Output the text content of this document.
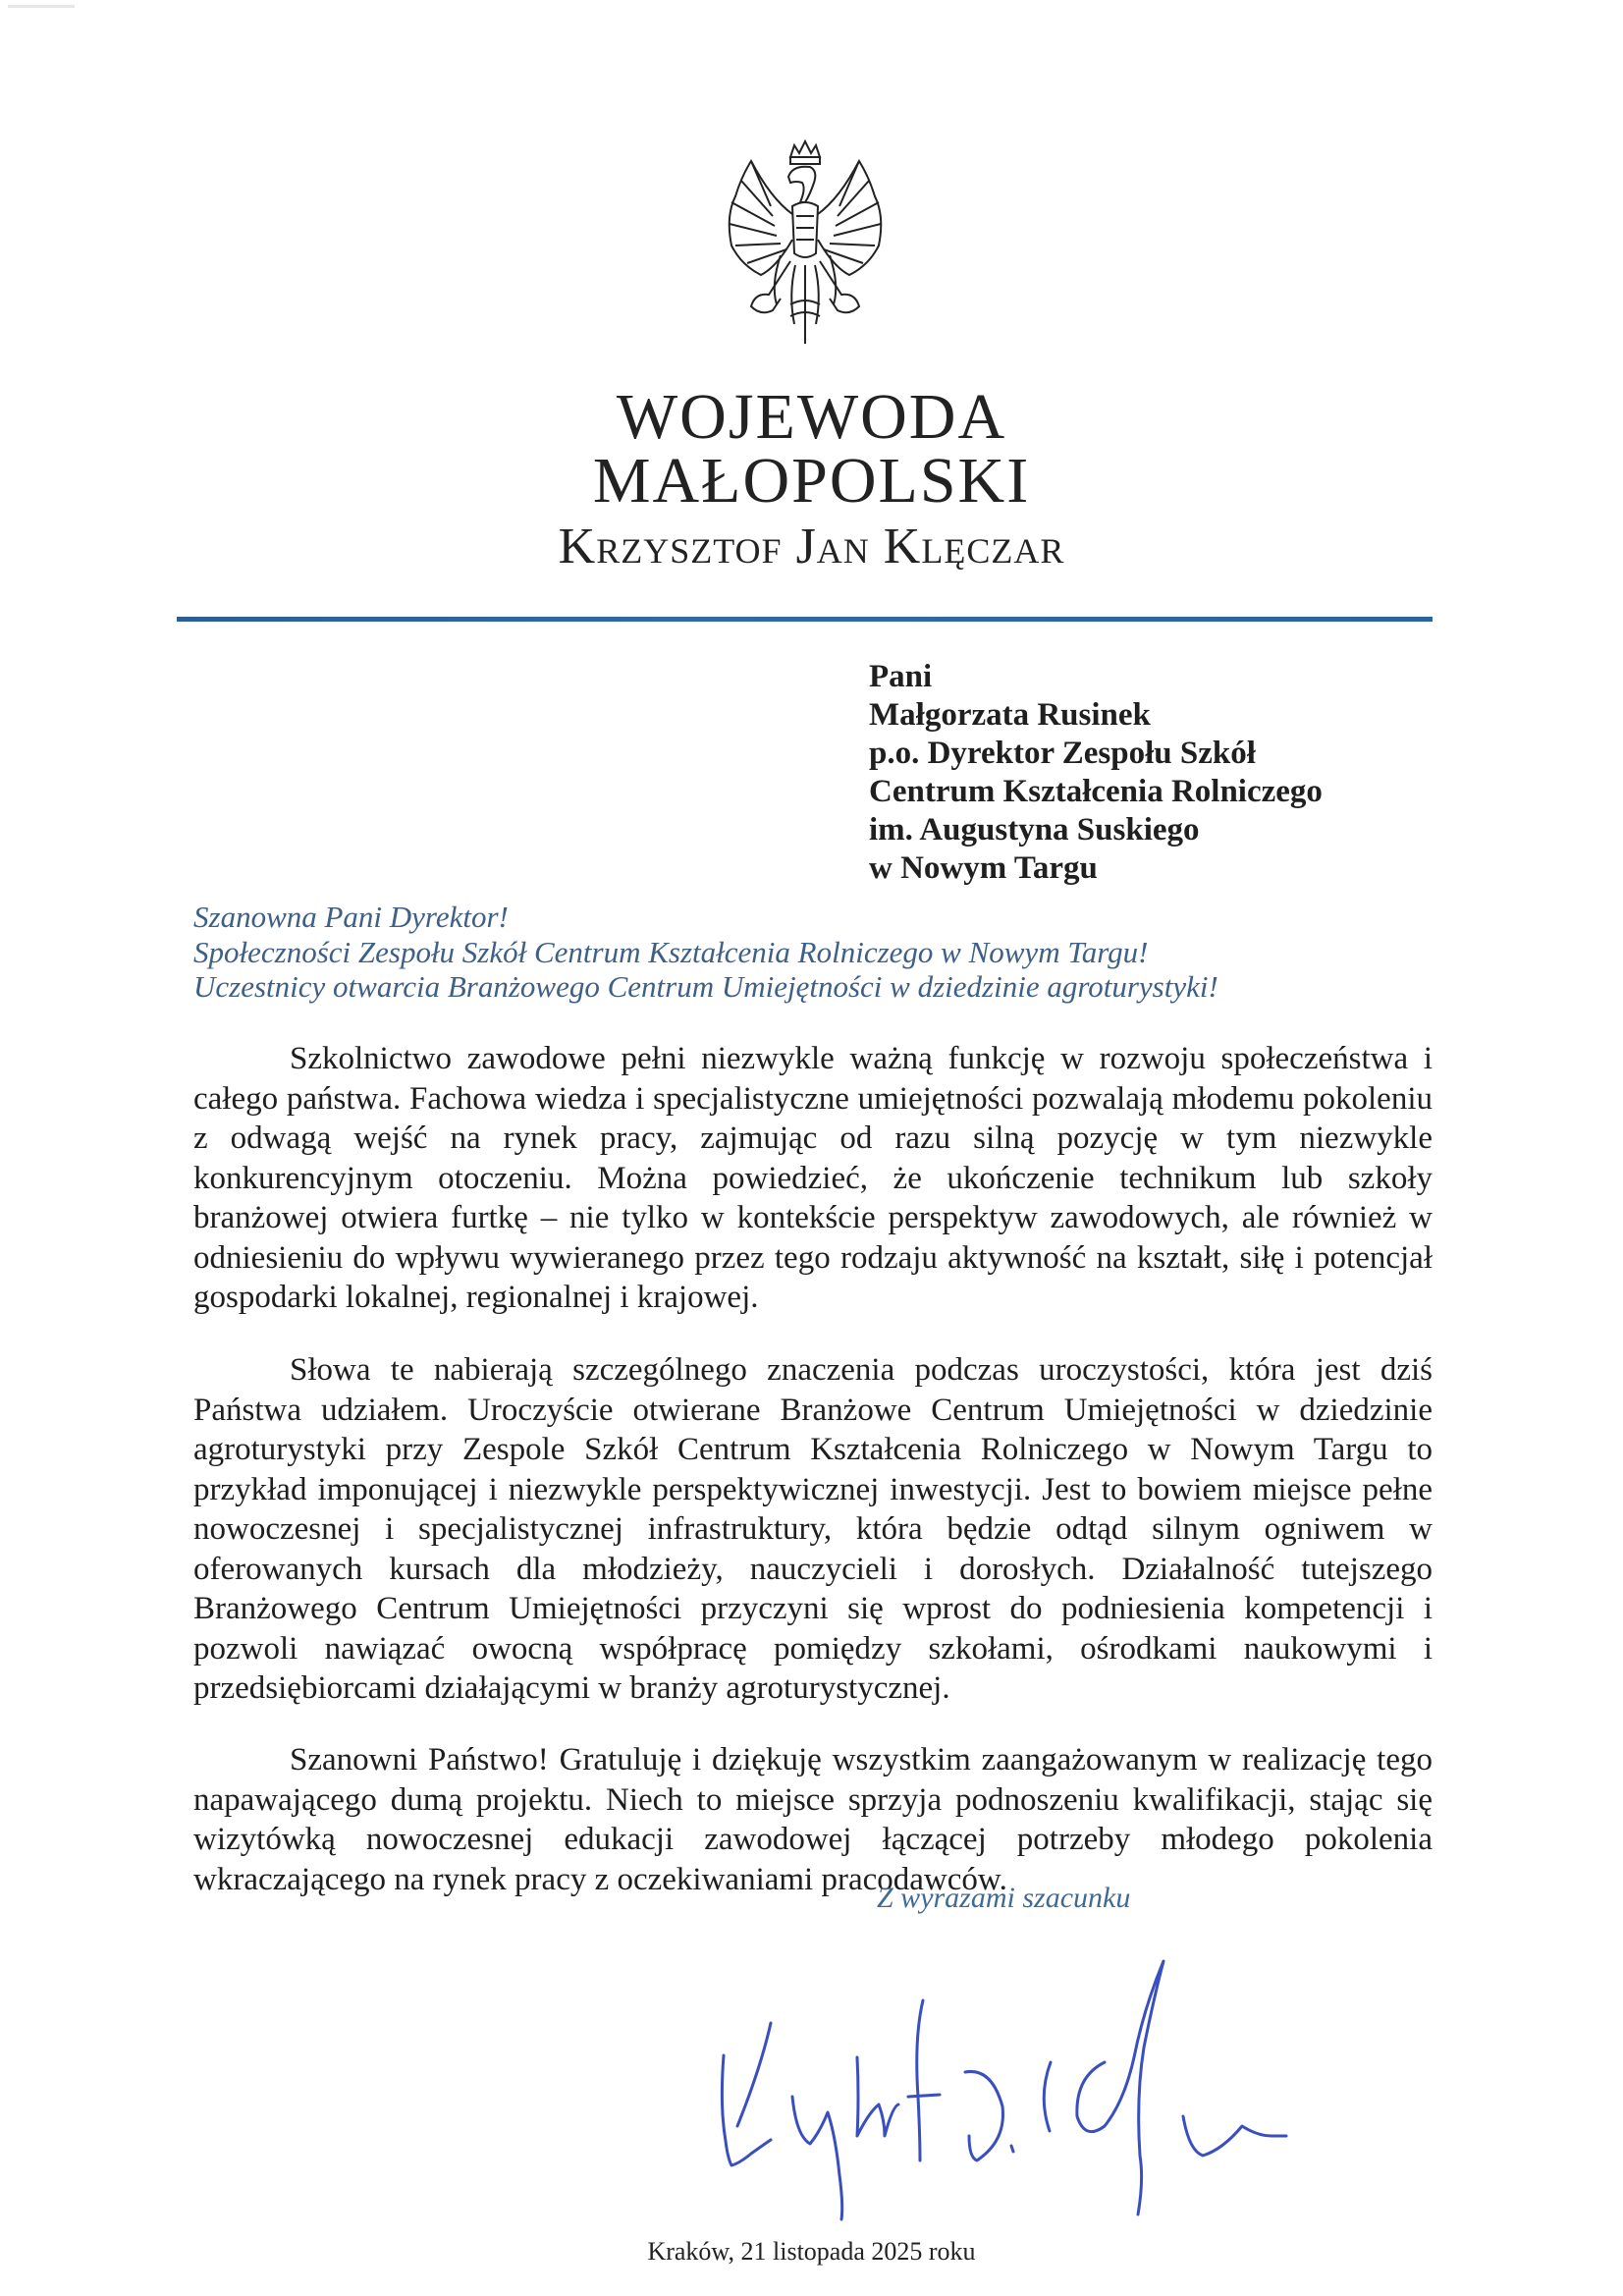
WOJEWODA
MAŁOPOLSKI
Krzysztof Jan Klęczar
Pani
Małgorzata Rusinek
p.o. Dyrektor Zespołu Szkół
Centrum Kształcenia Rolniczego
im. Augustyna Suskiego
w Nowym Targu
Szanowna Pani Dyrektor!
Społeczności Zespołu Szkół Centrum Kształcenia Rolniczego w Nowym Targu!
Uczestnicy otwarcia Branżowego Centrum Umiejętności w dziedzinie agroturystyki!
Szkolnictwo zawodowe pełni niezwykle ważną funkcję w rozwoju społeczeństwa i całego państwa. Fachowa wiedza i specjalistyczne umiejętności pozwalają młodemu pokoleniu z odwagą wejść na rynek pracy, zajmując od razu silną pozycję w tym niezwykle konkurencyjnym otoczeniu. Można powiedzieć, że ukończenie technikum lub szkoły branżowej otwiera furtkę – nie tylko w kontekście perspektyw zawodowych, ale również w odniesieniu do wpływu wywieranego przez tego rodzaju aktywność na kształt, siłę i potencjał gospodarki lokalnej, regionalnej i krajowej.
Słowa te nabierają szczególnego znaczenia podczas uroczystości, która jest dziś Państwa udziałem. Uroczyście otwierane Branżowe Centrum Umiejętności w dziedzinie agroturystyki przy Zespole Szkół Centrum Kształcenia Rolniczego w Nowym Targu to przykład imponującej i niezwykle perspektywicznej inwestycji. Jest to bowiem miejsce pełne nowoczesnej i specjalistycznej infrastruktury, która będzie odtąd silnym ogniwem w oferowanych kursach dla młodzieży, nauczycieli i dorosłych. Działalność tutejszego Branżowego Centrum Umiejętności przyczyni się wprost do podniesienia kompetencji i pozwoli nawiązać owocną współpracę pomiędzy szkołami, ośrodkami naukowymi i przedsiębiorcami działającymi w branży agroturystycznej.
Szanowni Państwo! Gratuluję i dziękuję wszystkim zaangażowanym w realizację tego napawającego dumą projektu. Niech to miejsce sprzyja podnoszeniu kwalifikacji, stając się wizytówką nowoczesnej edukacji zawodowej łączącej potrzeby młodego pokolenia wkraczającego na rynek pracy z oczekiwaniami pracodawców.
Z wyrazami szacunku
Kraków, 21 listopada 2025 roku
